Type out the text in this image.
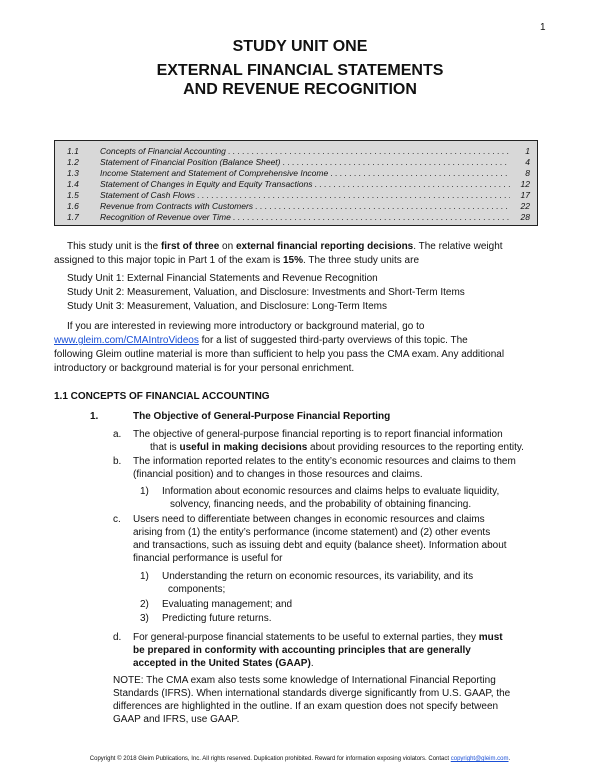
1
STUDY UNIT ONE
EXTERNAL FINANCIAL STATEMENTS
AND REVENUE RECOGNITION
1.1 Concepts of Financial Accounting . . .	1
1.2 Statement of Financial Position (Balance Sheet) . . .	4
1.3 Income Statement and Statement of Comprehensive Income . . .	8
1.4 Statement of Changes in Equity and Equity Transactions . . .	12
1.5 Statement of Cash Flows . . .	17
1.6 Revenue from Contracts with Customers . . .	22
1.7 Recognition of Revenue over Time . . .	28
This study unit is the first of three on external financial reporting decisions. The relative weight
assigned to this major topic in Part 1 of the exam is 15%. The three study units are
Study Unit 1: External Financial Statements and Revenue Recognition
Study Unit 2: Measurement, Valuation, and Disclosure: Investments and Short-Term Items
Study Unit 3: Measurement, Valuation, and Disclosure: Long-Term Items
If you are interested in reviewing more introductory or background material, go to
www.gleim.com/CMAIntroVideos for a list of suggested third-party overviews of this topic. The
following Gleim outline material is more than sufficient to help you pass the CMA exam. Any additional
introductory or background material is for your personal enrichment.
1.1 CONCEPTS OF FINANCIAL ACCOUNTING
1.	The Objective of General-Purpose Financial Reporting
a. The objective of general-purpose financial reporting is to report financial information
that is useful in making decisions about providing resources to the reporting entity.
b. The information reported relates to the entity’s economic resources and claims to them
(financial position) and to changes in those resources and claims.
1) Information about economic resources and claims helps to evaluate liquidity,
solvency, financing needs, and the probability of obtaining financing.
c. Users need to differentiate between changes in economic resources and claims
arising from (1) the entity’s performance (income statement) and (2) other events
and transactions, such as issuing debt and equity (balance sheet). Information about
financial performance is useful for
1) Understanding the return on economic resources, its variability, and its
components;
2) Evaluating management; and
3) Predicting future returns.
d. For general-purpose financial statements to be useful to external parties, they must
be prepared in conformity with accounting principles that are generally
accepted in the United States (GAAP).
NOTE: The CMA exam also tests some knowledge of International Financial Reporting
Standards (IFRS). When international standards diverge significantly from U.S. GAAP, the
differences are highlighted in the outline. If an exam question does not specify between
GAAP and IFRS, use GAAP.
Copyright © 2018 Gleim Publications, Inc. All rights reserved. Duplication prohibited. Reward for information exposing violators. Contact copyright@gleim.com.
